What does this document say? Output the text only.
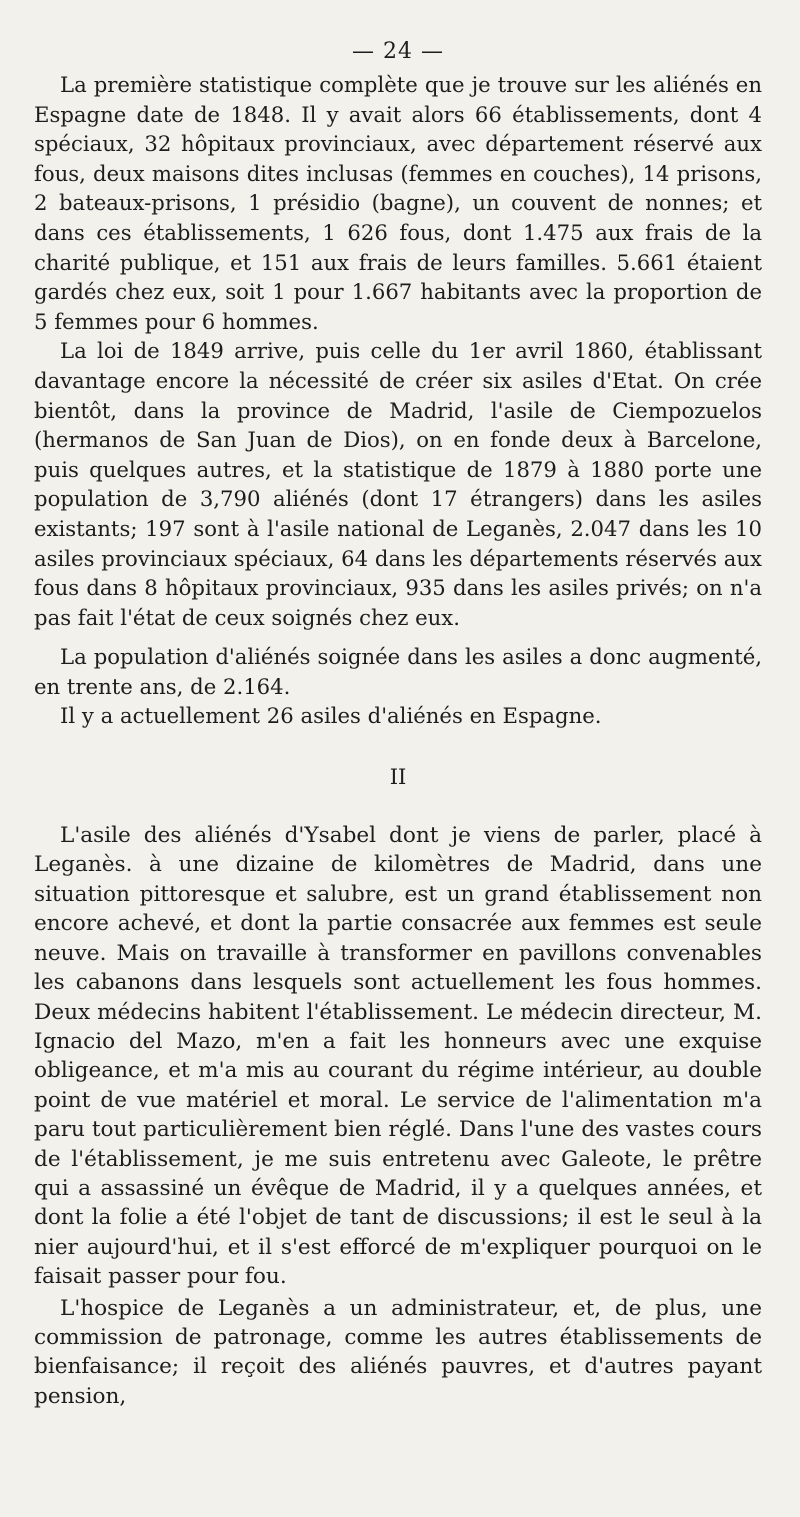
— 24 —

La première statistique complète que je trouve sur les aliénés en Espagne date de 1848. Il y avait alors 66 établissements, dont 4 spéciaux, 32 hôpitaux provinciaux, avec département réservé aux fous, deux maisons dites inclusas (femmes en couches), 14 prisons, 2 bateaux-prisons, 1 présidio (bagne), un couvent de nonnes; et dans ces établissements, 1 626 fous, dont 1.475 aux frais de la charité publique, et 151 aux frais de leurs familles. 5.661 étaient gardés chez eux, soit 1 pour 1.667 habitants avec la proportion de 5 femmes pour 6 hommes.

La loi de 1849 arrive, puis celle du 1er avril 1860, établissant davantage encore la nécessité de créer six asiles d'Etat. On crée bientôt, dans la province de Madrid, l'asile de Ciempozuelos (hermanos de San Juan de Dios), on en fonde deux à Barcelone, puis quelques autres, et la statistique de 1879 à 1880 porte une population de 3,790 aliénés (dont 17 étrangers) dans les asiles existants; 197 sont à l'asile national de Leganès, 2.047 dans les 10 asiles provinciaux spéciaux, 64 dans les départements réservés aux fous dans 8 hôpitaux provinciaux, 935 dans les asiles privés; on n'a pas fait l'état de ceux soignés chez eux.

La population d'aliénés soignée dans les asiles a donc augmenté, en trente ans, de 2.164.

Il y a actuellement 26 asiles d'aliénés en Espagne.

II

L'asile des aliénés d'Ysabel dont je viens de parler, placé à Leganès. à une dizaine de kilomètres de Madrid, dans une situation pittoresque et salubre, est un grand établissement non encore achevé, et dont la partie consacrée aux femmes est seule neuve. Mais on travaille à transformer en pavillons convenables les cabanons dans lesquels sont actuellement les fous hommes. Deux médecins habitent l'établissement. Le médecin directeur, M. Ignacio del Mazo, m'en a fait les honneurs avec une exquise obligeance, et m'a mis au courant du régime intérieur, au double point de vue matériel et moral. Le service de l'alimentation m'a paru tout particulièrement bien réglé. Dans l'une des vastes cours de l'établissement, je me suis entretenu avec Galeote, le prêtre qui a assassiné un évêque de Madrid, il y a quelques années, et dont la folie a été l'objet de tant de discussions; il est le seul à la nier aujourd'hui, et il s'est efforcé de m'expliquer pourquoi on le faisait passer pour fou.

L'hospice de Leganès a un administrateur, et, de plus, une commission de patronage, comme les autres établissements de bienfaisance; il reçoit des aliénés pauvres, et d'autres payant pension,
